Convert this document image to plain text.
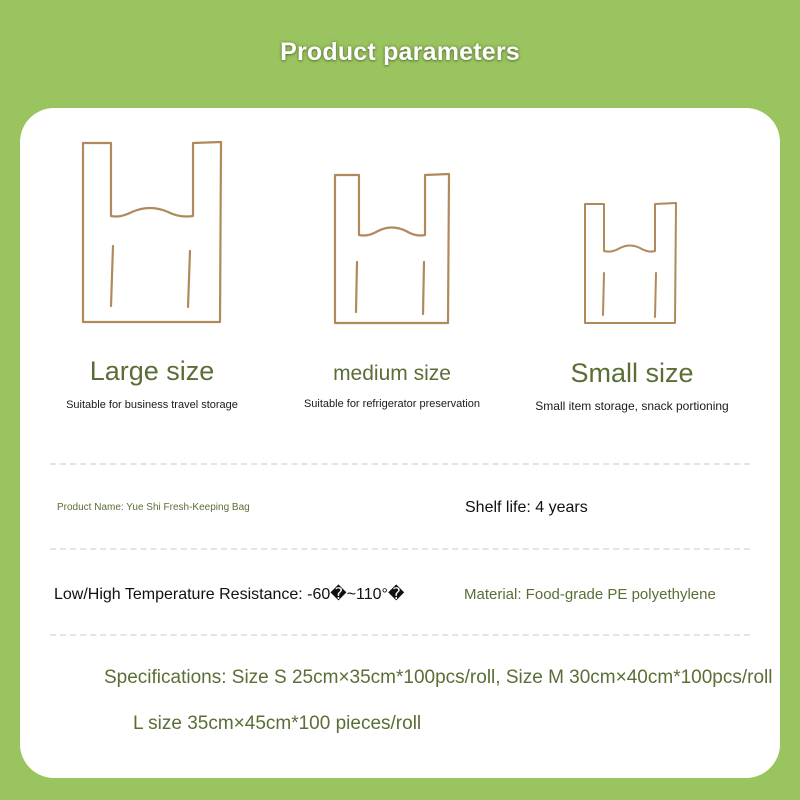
Product parameters
Large size
Suitable for business travel storage
medium size
Suitable for refrigerator preservation
Small size
Small item storage, snack portioning
Product Name: Yue Shi Fresh-Keeping Bag	Shelf life: 4 years
Low/High Temperature Resistance: -60�~110°�	Material: Food-grade PE polyethylene
Specifications: Size S 25cm×35cm*100pcs/roll, Size M 30cm×40cm*100pcs/roll
L size 35cm×45cm*100 pieces/roll
